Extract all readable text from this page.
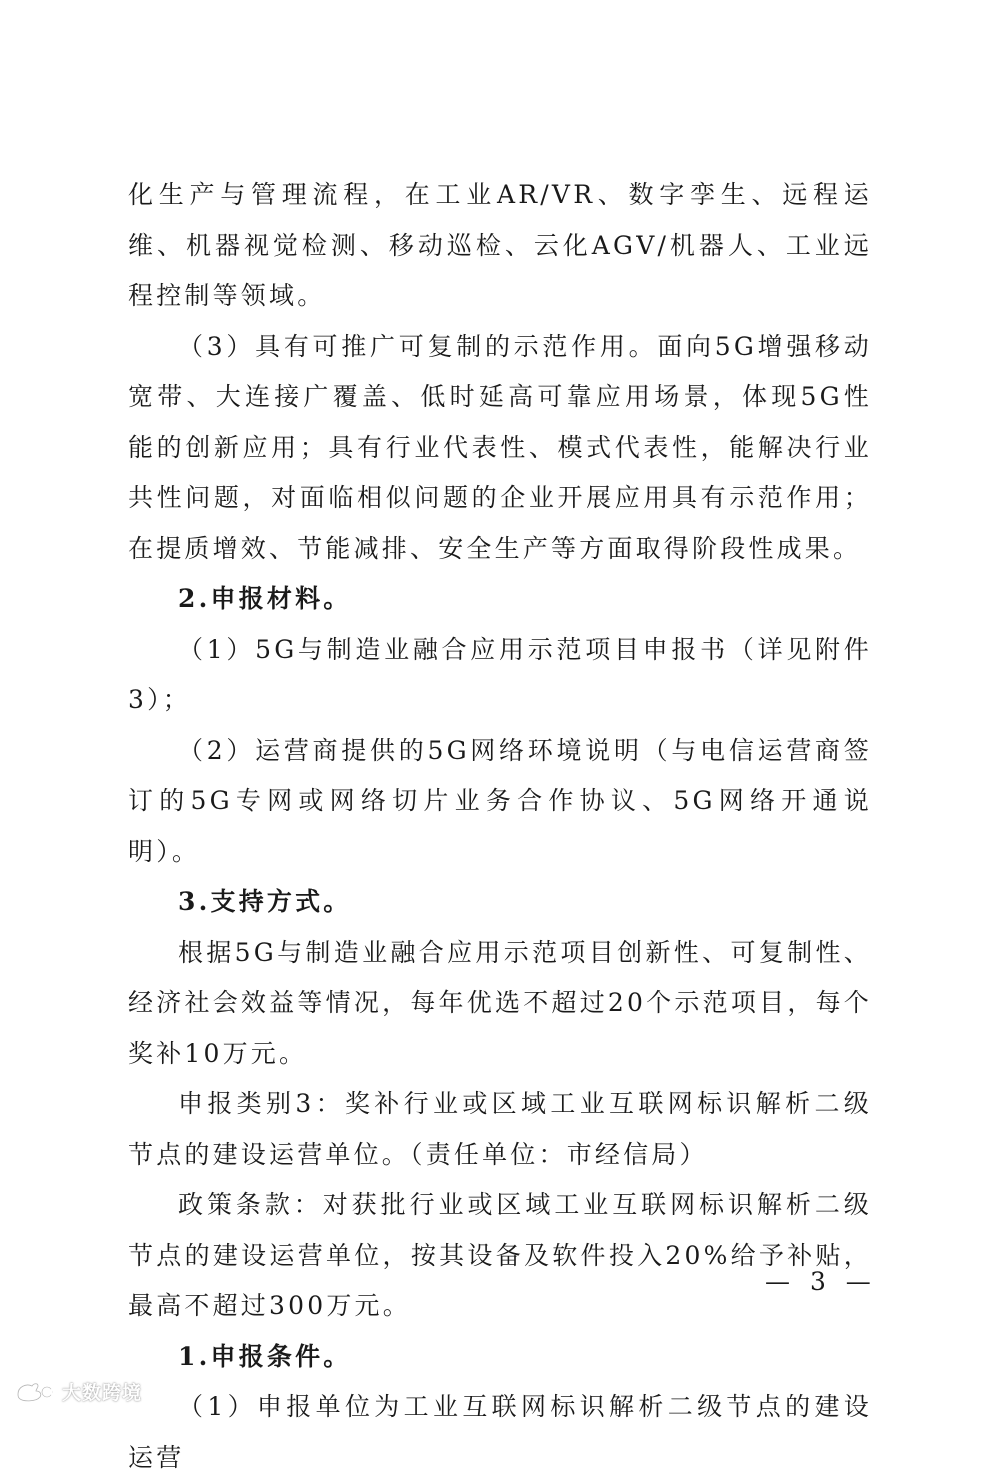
化生产与管理流程，在工业AR/VR、数字孪生、远程运维、机器视觉检测、移动巡检、云化AGV/机器人、工业远程控制等领域。

（3）具有可推广可复制的示范作用。面向5G增强移动宽带、大连接广覆盖、低时延高可靠应用场景，体现5G性能的创新应用；具有行业代表性、模式代表性，能解决行业共性问题，对面临相似问题的企业开展应用具有示范作用；在提质增效、节能减排、安全生产等方面取得阶段性成果。

2.申报材料。

（1）5G与制造业融合应用示范项目申报书（详见附件3）；

（2）运营商提供的5G网络环境说明（与电信运营商签订的5G专网或网络切片业务合作协议、5G网络开通说明）。

3.支持方式。

根据5G与制造业融合应用示范项目创新性、可复制性、经济社会效益等情况，每年优选不超过20个示范项目，每个奖补10万元。

申报类别3：奖补行业或区域工业互联网标识解析二级节点的建设运营单位。（责任单位：市经信局）

政策条款：对获批行业或区域工业互联网标识解析二级节点的建设运营单位，按其设备及软件投入20%给予补贴，最高不超过300万元。

1.申报条件。

（1）申报单位为工业互联网标识解析二级节点的建设运营

— 3 —
大数跨境
